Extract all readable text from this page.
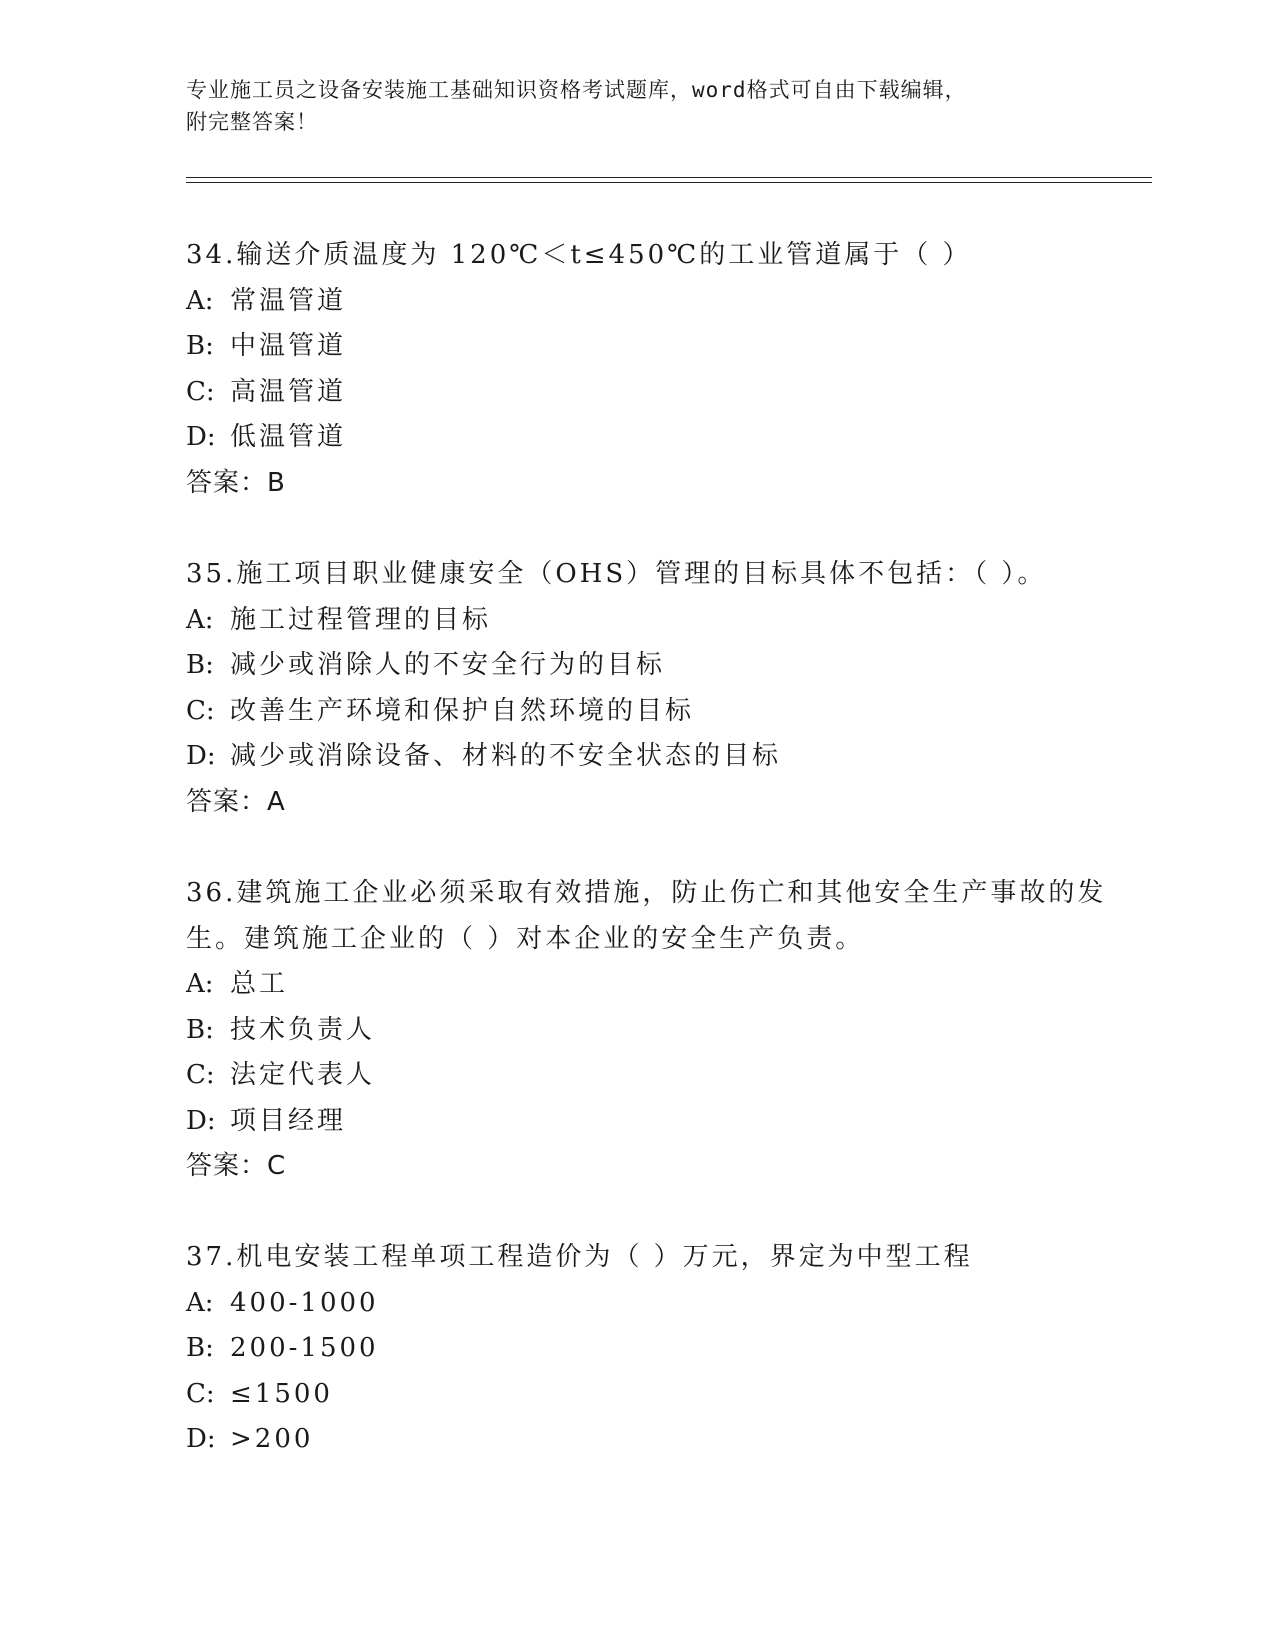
专业施工员之设备安装施工基础知识资格考试题库，word格式可自由下载编辑，
附完整答案！

34.输送介质温度为 120℃＜t≤450℃的工业管道属于（ ）

A: 常温管道

B: 中温管道

C: 高温管道

D: 低温管道

答案：B

35.施工项目职业健康安全（OHS）管理的目标具体不包括：（ ）。

A: 施工过程管理的目标

B: 减少或消除人的不安全行为的目标

C: 改善生产环境和保护自然环境的目标

D: 减少或消除设备、材料的不安全状态的目标

答案：A

36.建筑施工企业必须采取有效措施，防止伤亡和其他安全生产事故的发生。建筑施工企业的（ ）对本企业的安全生产负责。

A: 总工

B: 技术负责人

C: 法定代表人

D: 项目经理

答案：C

37.机电安装工程单项工程造价为（ ）万元，界定为中型工程

A: 400-1000

B: 200-1500

C: ≤1500

D: >200
